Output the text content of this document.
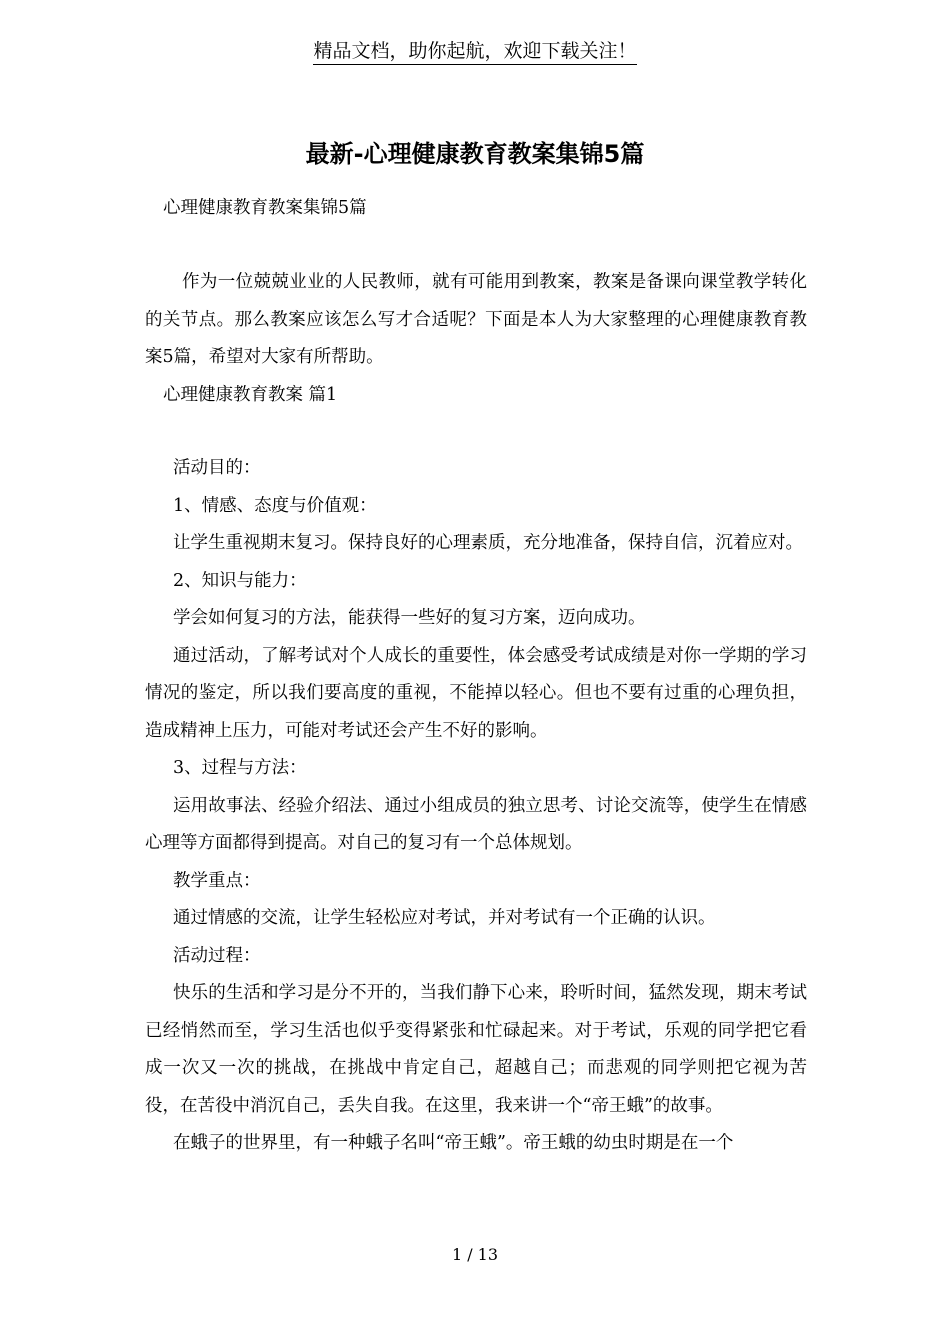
精品文档，助你起航，欢迎下载关注！
最新-心理健康教育教案集锦5篇

心理健康教育教案集锦5篇

作为一位兢兢业业的人民教师，就有可能用到教案，教案是备课向课堂教学转化的关节点。那么教案应该怎么写才合适呢？下面是本人为大家整理的心理健康教育教案5篇，希望对大家有所帮助。

心理健康教育教案 篇1

活动目的：

1、情感、态度与价值观：

让学生重视期末复习。保持良好的心理素质，充分地准备，保持自信，沉着应对。

2、知识与能力：

学会如何复习的方法，能获得一些好的复习方案，迈向成功。

通过活动，了解考试对个人成长的重要性，体会感受考试成绩是对你一学期的学习情况的鉴定，所以我们要高度的重视，不能掉以轻心。但也不要有过重的心理负担，造成精神上压力，可能对考试还会产生不好的影响。

3、过程与方法：

运用故事法、经验介绍法、通过小组成员的独立思考、讨论交流等，使学生在情感心理等方面都得到提高。对自己的复习有一个总体规划。

教学重点：

通过情感的交流，让学生轻松应对考试，并对考试有一个正确的认识。

活动过程：

快乐的生活和学习是分不开的，当我们静下心来，聆听时间，猛然发现，期末考试已经悄然而至，学习生活也似乎变得紧张和忙碌起来。对于考试，乐观的同学把它看成一次又一次的挑战，在挑战中肯定自己，超越自己；而悲观的同学则把它视为苦役，在苦役中消沉自己，丢失自我。在这里，我来讲一个“帝王蛾”的故事。

在蛾子的世界里，有一种蛾子名叫“帝王蛾”。帝王蛾的幼虫时期是在一个

1 / 13
